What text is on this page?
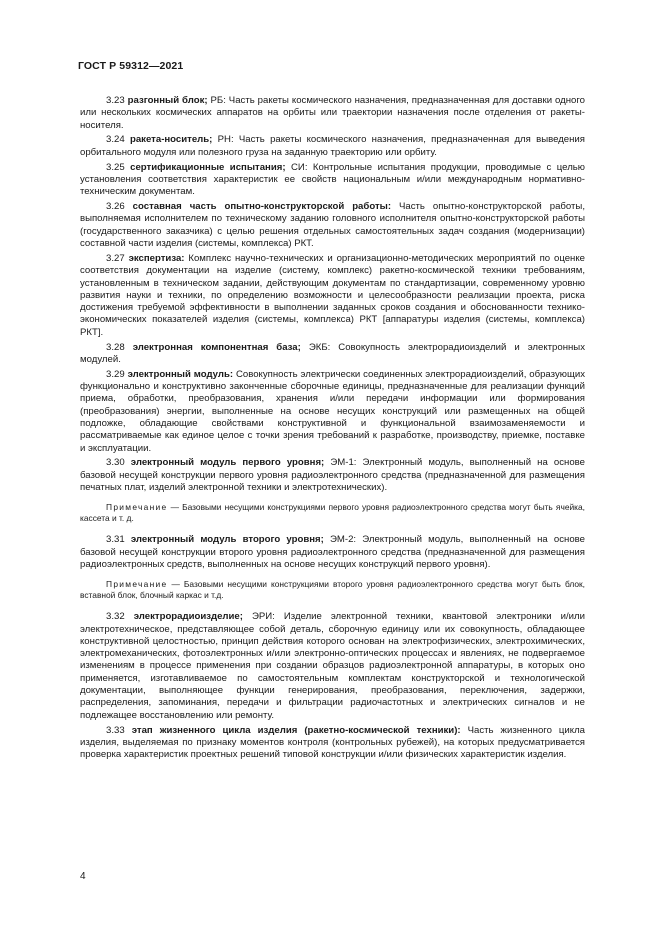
ГОСТ Р 59312—2021

3.23 разгонный блок; РБ: Часть ракеты космического назначения, предназначенная для доставки одного или нескольких космических аппаратов на орбиты или траектории назначения после отделения от ракеты-носителя.

3.24 ракета-носитель; РН: Часть ракеты космического назначения, предназначенная для выведения орбитального модуля или полезного груза на заданную траекторию или орбиту.

3.25 сертификационные испытания; СИ: Контрольные испытания продукции, проводимые с целью установления соответствия характеристик ее свойств национальным и/или международным нормативно-техническим документам.

3.26 составная часть опытно-конструкторской работы: Часть опытно-конструкторской работы, выполняемая исполнителем по техническому заданию головного исполнителя опытно-конструкторской работы (государственного заказчика) с целью решения отдельных самостоятельных задач создания (модернизации) составной части изделия (системы, комплекса) РКТ.

3.27 экспертиза: Комплекс научно-технических и организационно-методических мероприятий по оценке соответствия документации на изделие (систему, комплекс) ракетно-космической техники требованиям, установленным в техническом задании, действующим документам по стандартизации, современному уровню развития науки и техники, по определению возможности и целесообразности реализации проекта, риска достижения требуемой эффективности в выполнении заданных сроков создания и обоснованности технико-экономических показателей изделия (системы, комплекса) РКТ [аппаратуры изделия (системы, комплекса) РКТ].

3.28 электронная компонентная база; ЭКБ: Совокупность электрорадиоизделий и электронных модулей.

3.29 электронный модуль: Совокупность электрически соединенных электрорадиоизделий, образующих функционально и конструктивно законченные сборочные единицы, предназначенные для реализации функций приема, обработки, преобразования, хранения и/или передачи информации или формирования (преобразования) энергии, выполненные на основе несущих конструкций или размещенных на общей подложке, обладающие свойствами конструктивной и функциональной взаимозаменяемости и рассматриваемые как единое целое с точки зрения требований к разработке, производству, приемке, поставке и эксплуатации.

3.30 электронный модуль первого уровня; ЭМ-1: Электронный модуль, выполненный на основе базовой несущей конструкции первого уровня радиоэлектронного средства (предназначенной для размещения печатных плат, изделий электронной техники и электротехнических).

Примечание — Базовыми несущими конструкциями первого уровня радиоэлектронного средства могут быть ячейка, кассета и т. д.

3.31 электронный модуль второго уровня; ЭМ-2: Электронный модуль, выполненный на основе базовой несущей конструкции второго уровня радиоэлектронного средства (предназначенной для размещения радиоэлектронных средств, выполненных на основе несущих конструкций первого уровня).

Примечание — Базовыми несущими конструкциями второго уровня радиоэлектронного средства могут быть блок, вставной блок, блочный каркас и т.д.

3.32 электрорадиоизделие; ЭРИ: Изделие электронной техники, квантовой электроники и/или электротехническое, представляющее собой деталь, сборочную единицу или их совокупность, обладающее конструктивной целостностью, принцип действия которого основан на электрофизических, электрохимических, электромеханических, фотоэлектронных и/или электронно-оптических процессах и явлениях, не подвергаемое изменениям в процессе применения при создании образцов радиоэлектронной аппаратуры, в которых оно применяется, изготавливаемое по самостоятельным комплектам конструкторской и технологической документации, выполняющее функции генерирования, преобразования, переключения, задержки, распределения, запоминания, передачи и фильтрации радиочастотных и электрических сигналов и не подлежащее восстановлению или ремонту.

3.33 этап жизненного цикла изделия (ракетно-космической техники): Часть жизненного цикла изделия, выделяемая по признаку моментов контроля (контрольных рубежей), на которых предусматривается проверка характеристик проектных решений типовой конструкции и/или физических характеристик изделия.

4
